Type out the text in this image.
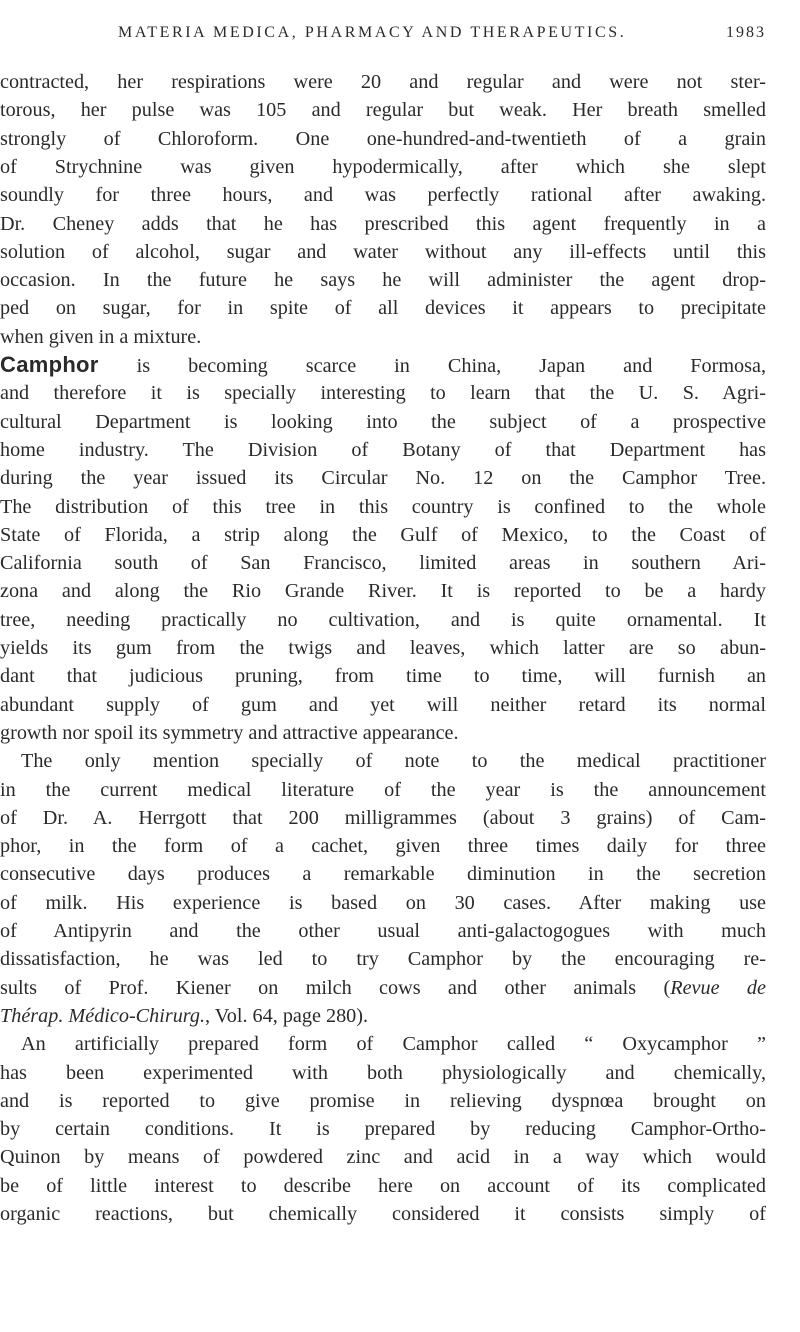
MATERIA MEDICA, PHARMACY AND THERAPEUTICS.	1983
contracted, her respirations were 20 and regular and were not ster-
torous, her pulse was 105 and regular but weak. Her breath smelled
strongly of Chloroform. One one-hundred-and-twentieth of a grain
of Strychnine was given hypodermically, after which she slept
soundly for three hours, and was perfectly rational after awaking.
Dr. Cheney adds that he has prescribed this agent frequently in a
solution of alcohol, sugar and water without any ill-effects until this
occasion. In the future he says he will administer the agent drop-
ped on sugar, for in spite of all devices it appears to precipitate
when given in a mixture.
Camphor is becoming scarce in China, Japan and Formosa,
and therefore it is specially interesting to learn that the U. S. Agri-
cultural Department is looking into the subject of a prospective
home industry. The Division of Botany of that Department has
during the year issued its Circular No. 12 on the Camphor Tree.
The distribution of this tree in this country is confined to the whole
State of Florida, a strip along the Gulf of Mexico, to the Coast of
California south of San Francisco, limited areas in southern Ari-
zona and along the Rio Grande River. It is reported to be a hardy
tree, needing practically no cultivation, and is quite ornamental. It
yields its gum from the twigs and leaves, which latter are so abun-
dant that judicious pruning, from time to time, will furnish an
abundant supply of gum and yet will neither retard its normal
growth nor spoil its symmetry and attractive appearance.
The only mention specially of note to the medical practitioner
in the current medical literature of the year is the announcement
of Dr. A. Herrgott that 200 milligrammes (about 3 grains) of Cam-
phor, in the form of a cachet, given three times daily for three
consecutive days produces a remarkable diminution in the secretion
of milk. His experience is based on 30 cases. After making use
of Antipyrin and the other usual anti-galactogogues with much
dissatisfaction, he was led to try Camphor by the encouraging re-
sults of Prof. Kiener on milch cows and other animals (Revue de
Thérap. Médico-Chirurg., Vol. 64, page 280).
An artificially prepared form of Camphor called “ Oxycamphor ”
has been experimented with both physiologically and chemically,
and is reported to give promise in relieving dyspnœa brought on
by certain conditions. It is prepared by reducing Camphor-Ortho-
Quinon by means of powdered zinc and acid in a way which would
be of little interest to describe here on account of its complicated
organic reactions, but chemically considered it consists simply of
